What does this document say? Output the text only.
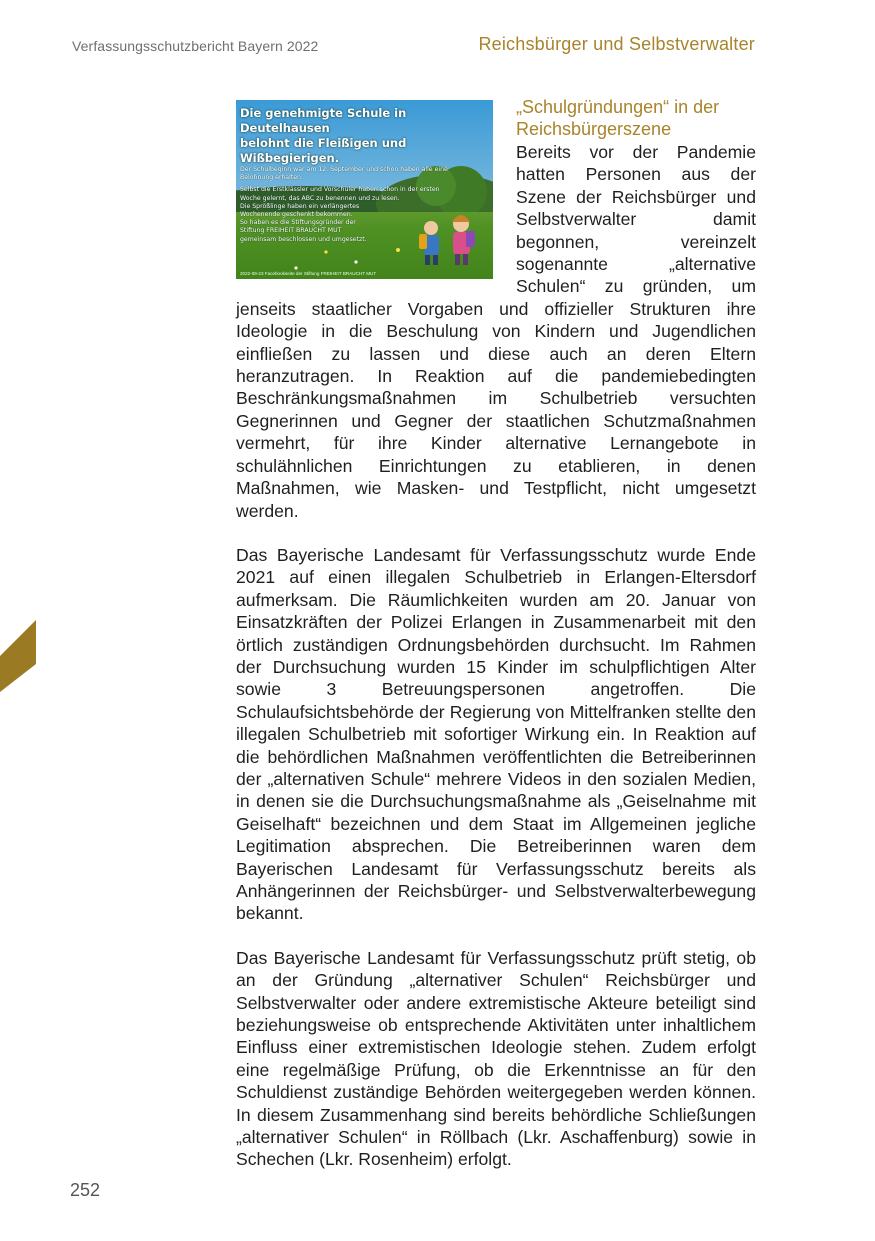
Verfassungsschutzbericht Bayern 2022	Reichsbürger und Selbstverwalter
Die genehmigte Schule in Deutelhausen
belohnt die Fleißigen und Wißbegierigen.
Der Schulbeginn war am 12. September und schon haben alle eine
Belohnung erhalten.
Selbst die Erstklässler und Vorschüler haben schon in der ersten
Woche gelernt, das ABC zu benennen und zu lesen.
Die Sprößlinge haben ein verlängertes
Wochenende geschenkt bekommen.
So haben es die Stiftungsgründer der
Stiftung FREIHEIT BRAUCHT MUT
gemeinsam beschlossen und umgesetzt.
2022-09-23 Facebookseite der Stiftung FREIHEIT BRAUCHT MUT
„Schulgründungen“ in der Reichsbürgerszene

Bereits vor der Pandemie hatten Personen aus der Szene der Reichsbürger und Selbstverwalter damit begonnen, vereinzelt sogenannte „alternative Schulen“ zu gründen, um jenseits staatlicher Vorgaben und offizieller Strukturen ihre Ideologie in die Beschulung von Kindern und Jugendlichen einfließen zu lassen und diese auch an deren Eltern heranzutragen. In Reaktion auf die pandemiebedingten Beschränkungsmaßnahmen im Schulbetrieb versuchten Gegnerinnen und Gegner der staatlichen Schutzmaßnahmen vermehrt, für ihre Kinder alternative Lernangebote in schulähnlichen Einrichtungen zu etablieren, in denen Maßnahmen, wie Masken- und Testpflicht, nicht umgesetzt werden.

Das Bayerische Landesamt für Verfassungsschutz wurde Ende 2021 auf einen illegalen Schulbetrieb in Erlangen-Eltersdorf aufmerksam. Die Räumlichkeiten wurden am 20. Januar von Einsatzkräften der Polizei Erlangen in Zusammenarbeit mit den örtlich zuständigen Ordnungsbehörden durchsucht. Im Rahmen der Durchsuchung wurden 15 Kinder im schulpflichtigen Alter sowie 3 Betreuungspersonen angetroffen. Die Schulaufsichtsbehörde der Regierung von Mittelfranken stellte den illegalen Schulbetrieb mit sofortiger Wirkung ein. In Reaktion auf die behördlichen Maßnahmen veröffentlichten die Betreiberinnen der „alternativen Schule“ mehrere Videos in den sozialen Medien, in denen sie die Durchsuchungsmaßnahme als „Geiselnahme mit Geiselhaft“ bezeichnen und dem Staat im Allgemeinen jegliche Legitimation absprechen. Die Betreiberinnen waren dem Bayerischen Landesamt für Verfassungsschutz bereits als Anhängerinnen der Reichsbürger- und Selbstverwalterbewegung bekannt.

Das Bayerische Landesamt für Verfassungsschutz prüft stetig, ob an der Gründung „alternativer Schulen“ Reichsbürger und Selbstverwalter oder andere extremistische Akteure beteiligt sind beziehungsweise ob entsprechende Aktivitäten unter inhaltlichem Einfluss einer extremistischen Ideologie stehen. Zudem erfolgt eine regelmäßige Prüfung, ob die Erkenntnisse an für den Schuldienst zuständige Behörden weitergegeben werden können. In diesem Zusammenhang sind bereits behördliche Schließungen „alternativer Schulen“ in Röllbach (Lkr. Aschaffenburg) sowie in Schechen (Lkr. Rosenheim) erfolgt.

252
